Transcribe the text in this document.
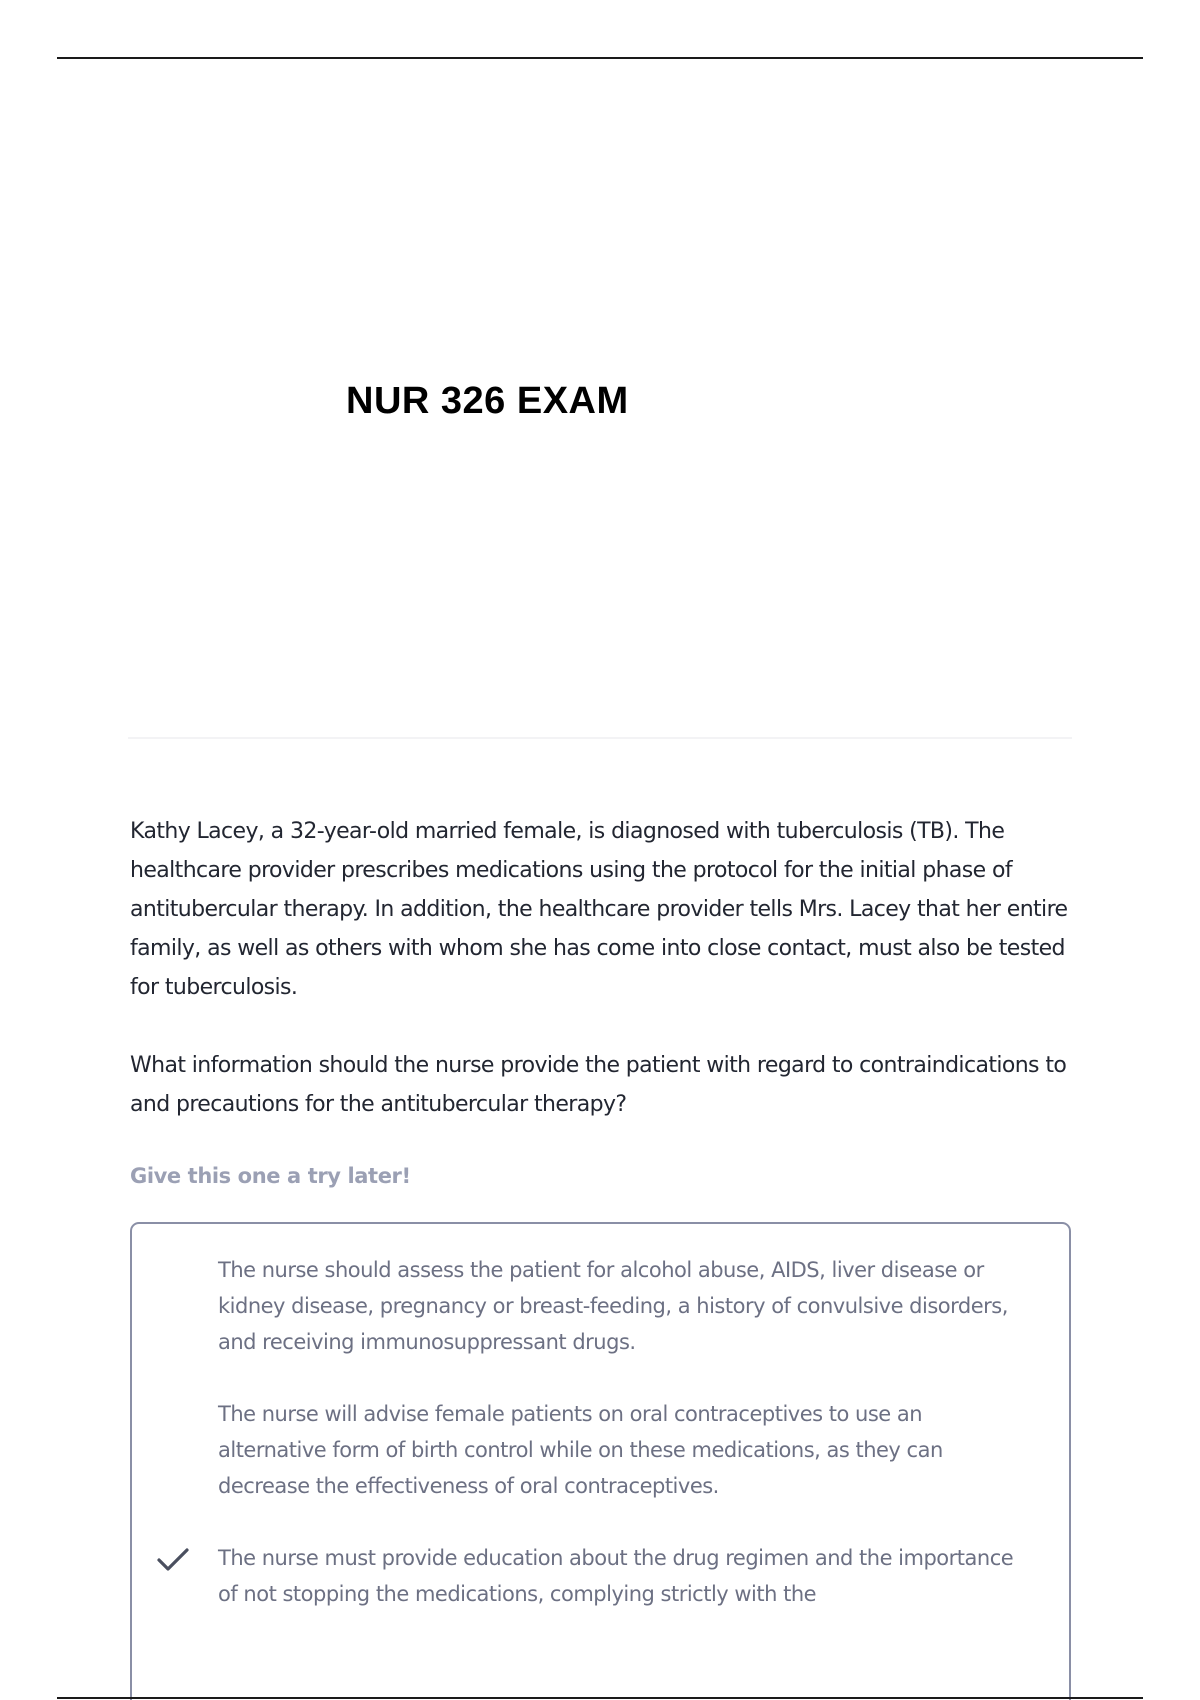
NUR 326 EXAM

Kathy Lacey, a 32-year-old married female, is diagnosed with tuberculosis (TB). The healthcare provider prescribes medications using the protocol for the initial phase of antitubercular therapy. In addition, the healthcare provider tells Mrs. Lacey that her entire family, as well as others with whom she has come into close contact, must also be tested for tuberculosis.

What information should the nurse provide the patient with regard to contraindications to and precautions for the antitubercular therapy?

Give this one a try later!

The nurse should assess the patient for alcohol abuse, AIDS, liver disease or kidney disease, pregnancy or breast-feeding, a history of convulsive disorders, and receiving immunosuppressant drugs.
The nurse will advise female patients on oral contraceptives to use an alternative form of birth control while on these medications, as they can decrease the effectiveness of oral contraceptives.
The nurse must provide education about the drug regimen and the importance of not stopping the medications, complying strictly with the
